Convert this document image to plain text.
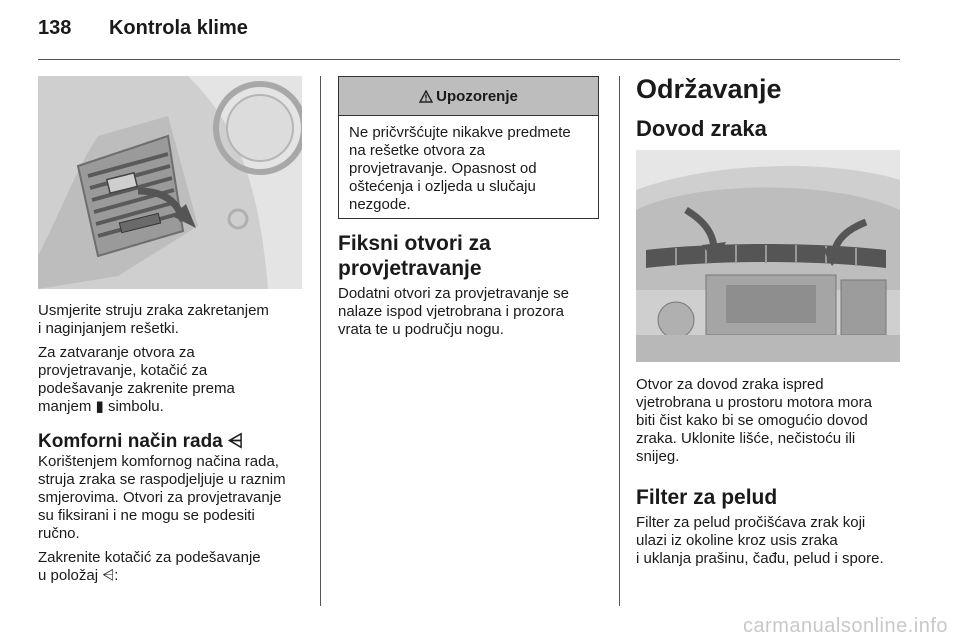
138 Kontrola klime

Usmjerite struju zraka zakretanjem
i naginjanjem rešetki.

Za zatvaranje otvora za
provjetravanje, kotačić za
podešavanje zakrenite prema
manjem ▮ simbolu.

Komforni način rada ⩤

Korištenjem komfornog načina rada,
struja zraka se raspodjeljuje u raznim
smjerovima. Otvori za provjetravanje
su fiksirani i ne mogu se podesiti
ručno.

Zakrenite kotačić za podešavanje
u položaj ⩤:

Upozorenje
Ne pričvršćujte nikakve predmete
na rešetke otvora za
provjetravanje. Opasnost od
oštećenja i ozljeda u slučaju
nezgode.
Fiksni otvori za
provjetravanje

Dodatni otvori za provjetravanje se
nalaze ispod vjetrobrana i prozora
vrata te u području nogu.

Održavanje
Dovod zraka

Otvor za dovod zraka ispred
vjetrobrana u prostoru motora mora
biti čist kako bi se omogućio dovod
zraka. Uklonite lišće, nečistoću ili
snijeg.

Filter za pelud

Filter za pelud pročišćava zrak koji
ulazi iz okoline kroz usis zraka
i uklanja prašinu, čađu, pelud i spore.

carmanualsonline.info
